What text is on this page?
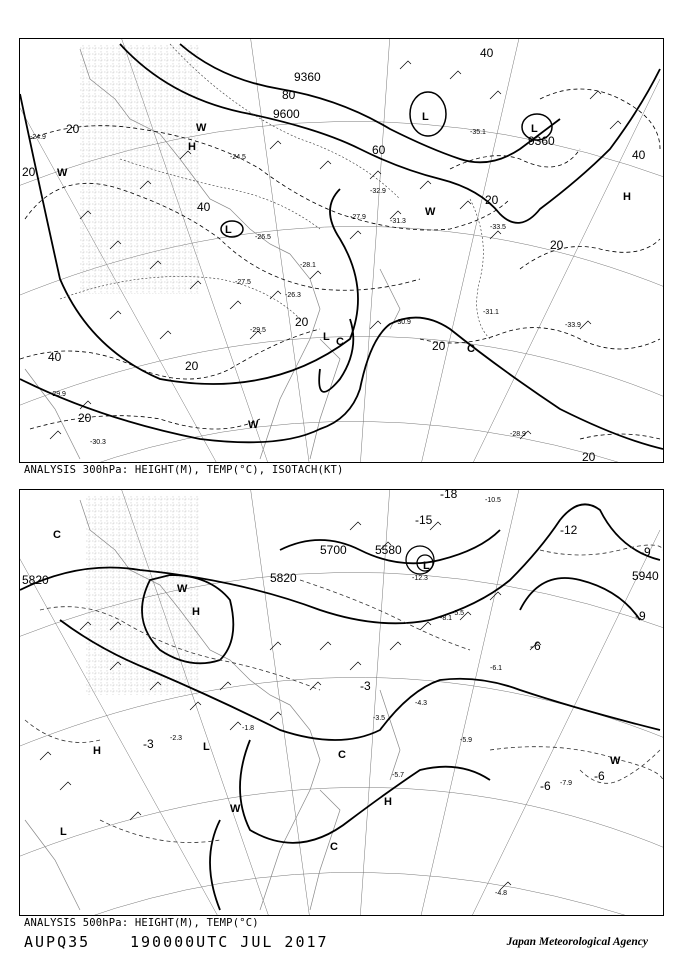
9600
9360
9360
20
40
60
80
20
40
20
20
20
20
20
40
40
20
20
H
H
L
L
L
L
W
W
W
W
C
C
-24.5
-26.5
-27.9
-28.1
-29.5
-31.3
-32.9
-33.5
-35.1
-31.1
-30.9
-28.9
-27.5
-26.3
-24.9
-29.9
-30.3
-33.9
ANALYSIS 300hPa: HEIGHT(M), TEMP(°C), ISOTACH(KT)
5820	5820
5700 5580
5940
H
H
H
L
L
L
W
W
W
C
C
C
-15
-18
-12
-9
-6
-3
-6
-9
-6
-3
-10.5
-6.1
-5.5
-4.3
-3.5
-7.9
-5.7
-4.8
-2.3
-1.8
-12.3
-5.9
-8.1
ANALYSIS 500hPa: HEIGHT(M), TEMP(°C)
AUPQ35	190000UTC JUL 2017	Japan Meteorological Agency
